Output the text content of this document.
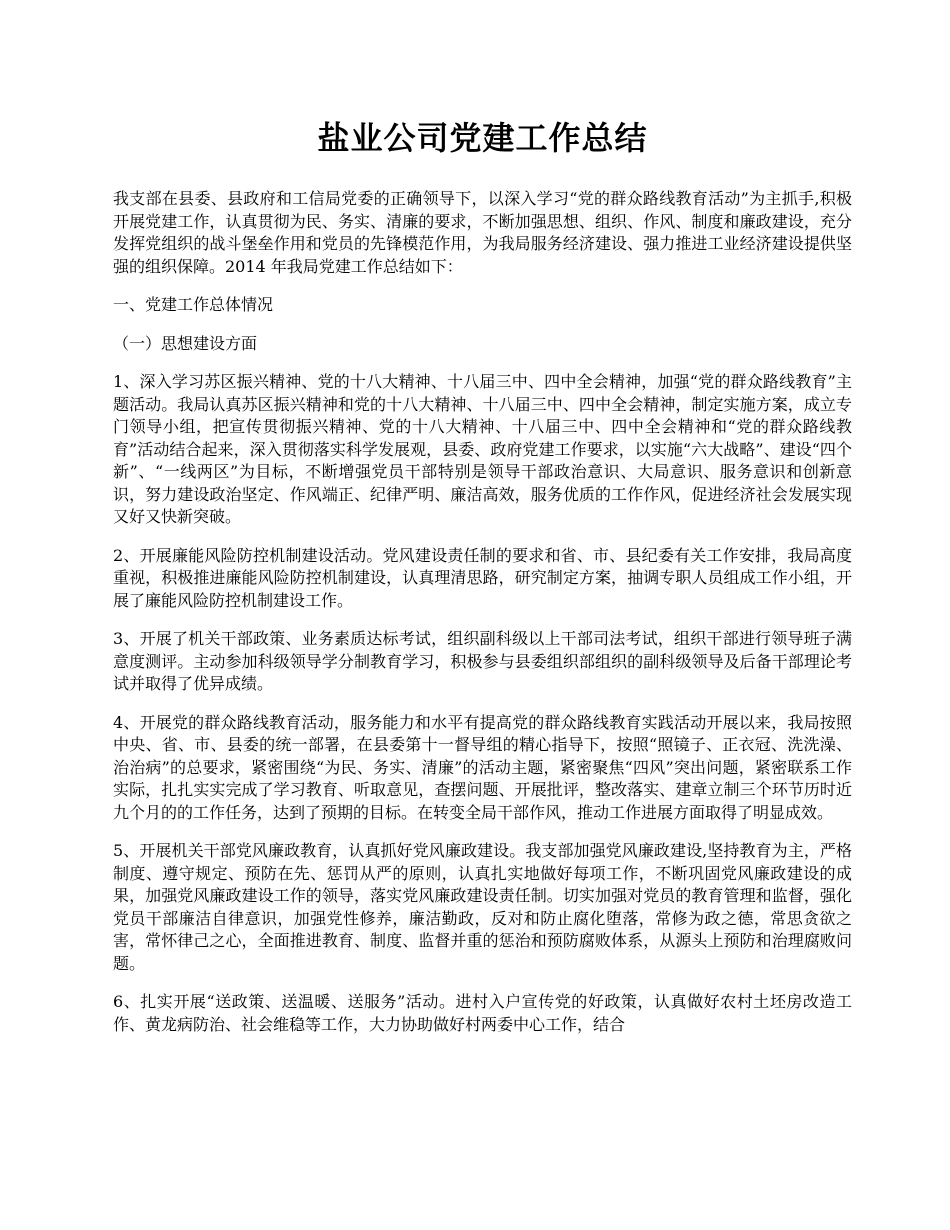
盐业公司党建工作总结

我支部在县委、县政府和工信局党委的正确领导下，以深入学习“党的群众路线教育活动”为主抓手,积极开展党建工作，认真贯彻为民、务实、清廉的要求，不断加强思想、组织、作风、制度和廉政建设，充分发挥党组织的战斗堡垒作用和党员的先锋模范作用，为我局服务经济建设、强力推进工业经济建设提供坚强的组织保障。2014 年我局党建工作总结如下：

一、党建工作总体情况

（一）思想建设方面

1、深入学习苏区振兴精神、党的十八大精神、十八届三中、四中全会精神，加强“党的群众路线教育”主题活动。我局认真苏区振兴精神和党的十八大精神、十八届三中、四中全会精神，制定实施方案，成立专门领导小组，把宣传贯彻振兴精神、党的十八大精神、十八届三中、四中全会精神和“党的群众路线教育”活动结合起来，深入贯彻落实科学发展观，县委、政府党建工作要求，以实施“六大战略”、建设“四个新”、“一线两区”为目标，不断增强党员干部特别是领导干部政治意识、大局意识、服务意识和创新意识，努力建设政治坚定、作风端正、纪律严明、廉洁高效，服务优质的工作作风，促进经济社会发展实现又好又快新突破。

2、开展廉能风险防控机制建设活动。党风建设责任制的要求和省、市、县纪委有关工作安排，我局高度重视，积极推进廉能风险防控机制建设，认真理清思路，研究制定方案，抽调专职人员组成工作小组，开展了廉能风险防控机制建设工作。

3、开展了机关干部政策、业务素质达标考试，组织副科级以上干部司法考试，组织干部进行领导班子满意度测评。主动参加科级领导学分制教育学习，积极参与县委组织部组织的副科级领导及后备干部理论考试并取得了优异成绩。

4、开展党的群众路线教育活动，服务能力和水平有提高党的群众路线教育实践活动开展以来，我局按照中央、省、市、县委的统一部署，在县委第十一督导组的精心指导下，按照“照镜子、正衣冠、洗洗澡、治治病”的总要求，紧密围绕“为民、务实、清廉”的活动主题，紧密聚焦“四风”突出问题，紧密联系工作实际，扎扎实实完成了学习教育、听取意见，查摆问题、开展批评，整改落实、建章立制三个环节历时近九个月的的工作任务，达到了预期的目标。在转变全局干部作风，推动工作进展方面取得了明显成效。

5、开展机关干部党风廉政教育，认真抓好党风廉政建设。我支部加强党风廉政建设,坚持教育为主，严格制度、遵守规定、预防在先、惩罚从严的原则，认真扎实地做好每项工作，不断巩固党风廉政建设的成果，加强党风廉政建设工作的领导，落实党风廉政建设责任制。切实加强对党员的教育管理和监督，强化党员干部廉洁自律意识，加强党性修养，廉洁勤政，反对和防止腐化堕落，常修为政之德，常思贪欲之害，常怀律己之心，全面推进教育、制度、监督并重的惩治和预防腐败体系，从源头上预防和治理腐败问题。

6、扎实开展“送政策、送温暖、送服务”活动。进村入户宣传党的好政策，认真做好农村土坯房改造工作、黄龙病防治、社会维稳等工作，大力协助做好村两委中心工作，结合
